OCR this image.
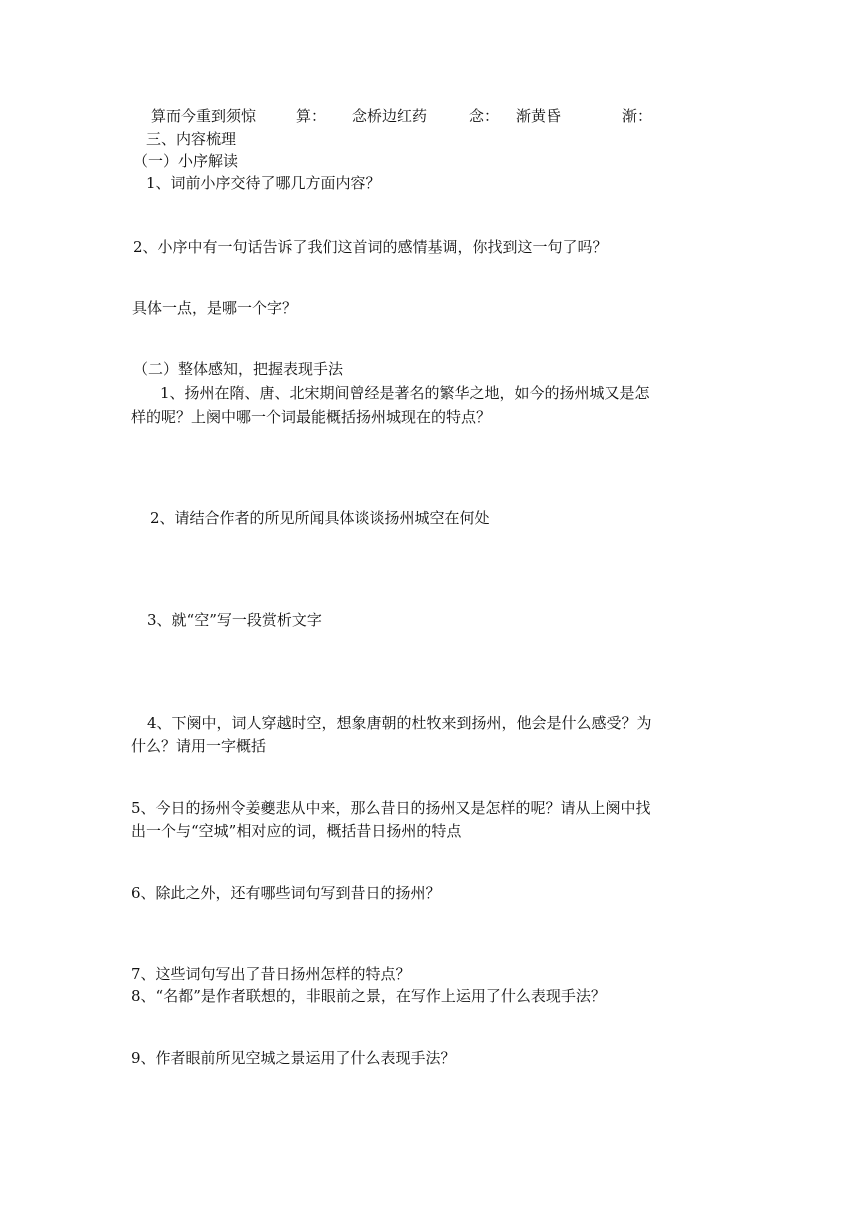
算而今重到须惊	算： 念桥边红药	念： 渐黄昏	渐：
三、内容梳理
（一）小序解读
1、词前小序交待了哪几方面内容？
2、小序中有一句话告诉了我们这首词的感情基调，你找到这一句了吗？
具体一点，是哪一个字？
（二）整体感知，把握表现手法
1、扬州在隋、唐、北宋期间曾经是著名的繁华之地，如今的扬州城又是怎
样的呢？上阕中哪一个词最能概括扬州城现在的特点？
2、请结合作者的所见所闻具体谈谈扬州城空在何处
3、就“空”写一段赏析文字
4、下阕中，词人穿越时空，想象唐朝的杜牧来到扬州，他会是什么感受？为
什么？请用一字概括
5、今日的扬州令姜夔悲从中来，那么昔日的扬州又是怎样的呢？请从上阕中找
出一个与“空城”相对应的词，概括昔日扬州的特点
6、除此之外，还有哪些词句写到昔日的扬州？
7、这些词句写出了昔日扬州怎样的特点？
8、“名都”是作者联想的，非眼前之景，在写作上运用了什么表现手法？
9、作者眼前所见空城之景运用了什么表现手法？
